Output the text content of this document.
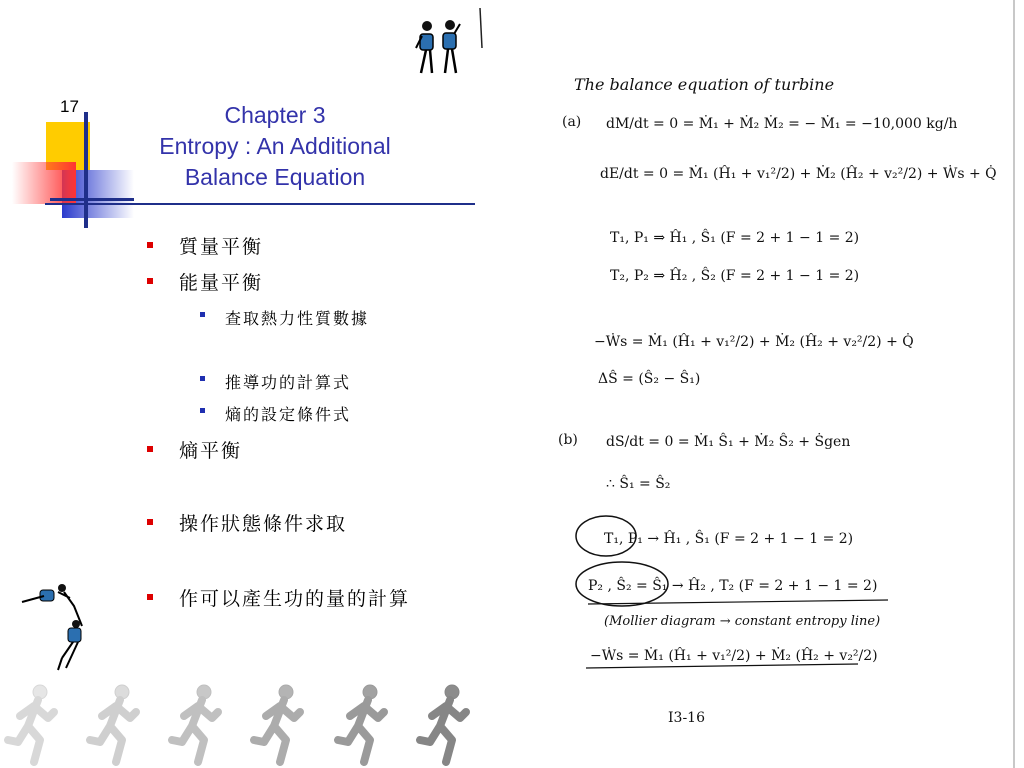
17	Chapter 3
Entropy : An Additional
Balance Equation
質量平衡
能量平衡
查取熱力性質數據
推導功的計算式
熵的設定條件式
熵平衡
操作狀態條件求取
作可以產生功的量的計算
The balance equation of turbine
(a) dM/dt = 0 = Ṁ₁ + Ṁ₂ Ṁ₂ = − Ṁ₁ = −10,000 kg/h
dE/dt = 0 = Ṁ₁ (Ĥ₁ + v₁²/2) + Ṁ₂ (Ĥ₂ + v₂²/2) + Ẇs + Q̇
T₁, P₁ ⇒ Ĥ₁ , Ŝ₁ (F = 2 + 1 − 1 = 2)
T₂, P₂ ⇒ Ĥ₂ , Ŝ₂ (F = 2 + 1 − 1 = 2)
−Ẇs = Ṁ₁ (Ĥ₁ + v₁²/2) + Ṁ₂ (Ĥ₂ + v₂²/2) + Q̇
ΔŜ = (Ŝ₂ − Ŝ₁)
(b) dS/dt = 0 = Ṁ₁ Ŝ₁ + Ṁ₂ Ŝ₂ + Ṡgen
∴ Ŝ₁ = Ŝ₂
T₁, P₁ → Ĥ₁ , Ŝ₁ (F = 2 + 1 − 1 = 2)
P₂ , Ŝ₂ = Ŝ₁ → Ĥ₂ , T₂ (F = 2 + 1 − 1 = 2)
(Mollier diagram → constant entropy line)
−Ẇs = Ṁ₁ (Ĥ₁ + v₁²/2) + Ṁ₂ (Ĥ₂ + v₂²/2)
I3-16
